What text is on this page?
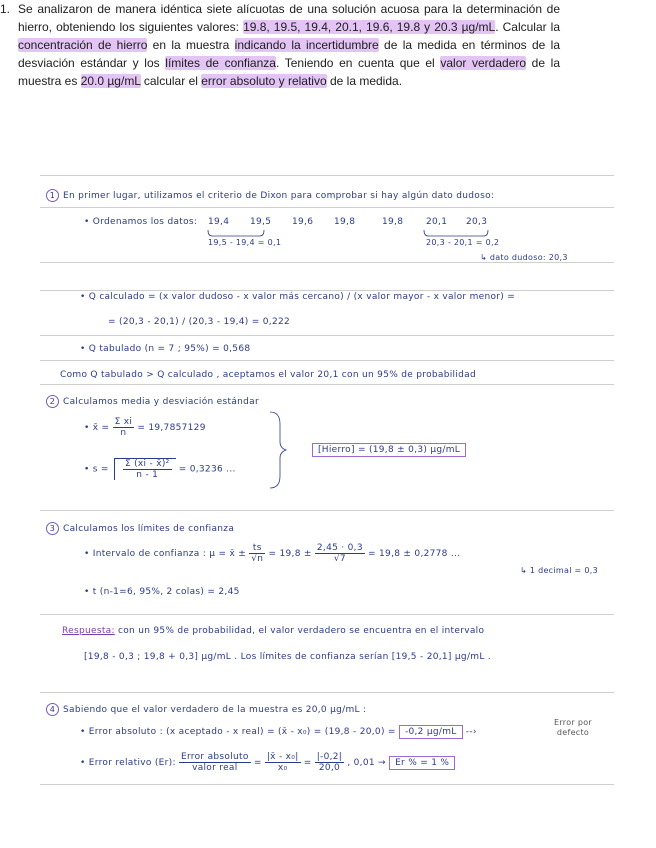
1. Se analizaron de manera idéntica siete alícuotas de una solución acuosa para la determinación de hierro, obteniendo los siguientes valores: 19.8, 19.5, 19.4, 20.1, 19.6, 19.8 y 20.3 µg/mL. Calcular la concentración de hierro en la muestra indicando la incertidumbre de la medida en términos de la desviación estándar y los límites de confianza. Teniendo en cuenta que el valor verdadero de la muestra es 20.0 µg/mL calcular el error absoluto y relativo de la medida.
1 En primer lugar, utilizamos el criterio de Dixon para comprobar si hay algún dato dudoso:
• Ordenamos los datos: 19,4 19,5 19,6 19,8	19,8	20,1 20,3
19,5 - 19,4 = 0,1	20,3 - 20,1 = 0,2
↳ dato dudoso: 20,3
• Q calculado = (x valor dudoso - x valor más cercano) / (x valor mayor - x valor menor) =
= (20,3 - 20,1) / (20,3 - 19,4) = 0,222
• Q tabulado (n = 7 ; 95%) = 0,568
Como Q tabulado > Q calculado , aceptamos el valor 20,1 con un 95% de probabilidad
2 Calculamos media y desviación estándar
• x̄ = $\frac{\text{Σ xi}}{n} = 19,7857129$
• $s = \frac{\text{Σ (xi - x̄)²}}{n - 1} = 0,3236$ ...
[Hierro] = (19,8 ± 0,3) µg/mL
3 Calculamos los límites de confianza
• Intervalo de confianza : µ = x̄ ± $\frac{ts}{√n} = 19,8 \pm \frac{2,45 \cdot 0,3}{√7} = 19,8 \pm 0,2778$ ...
↳ 1 decimal = 0,3
• t (n-1=6, 95%, 2 colas) = 2,45
Respuesta: con un 95% de probabilidad, el valor verdadero se encuentra en el intervalo
[19,8 - 0,3 ; 19,8 + 0,3] µg/mL . Los límites de confianza serían [19,5 - 20,1] µg/mL .
4 Sabiendo que el valor verdadero de la muestra es 20,0 µg/mL :
Error por defecto
• Error absoluto : (x aceptado - x real) = (x̄ - x₀) = (19,8 - 20,0) = -0,2 µg/mL --›
• Error relativo (Er): $\frac{\text{Error absoluto}}{\text{valor real}} = \frac{\text{|x̄ - x₀|}}{\text{x₀}} = \frac{|-0,2|}{20,0}$ , 0,01 → Er % = 1 %
